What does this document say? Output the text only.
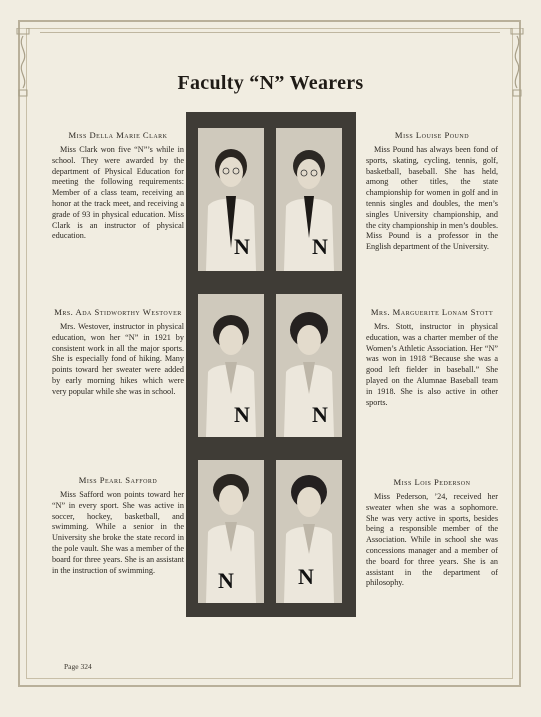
Faculty “N” Wearers
Miss Della Marie Clark

Miss Clark won five “N”’s while in school. They were awarded by the department of Physical Education for meeting the following requirements: Member of a class team, receiving an honor at the track meet, and receiving a grade of 93 in physical education. Miss Clark is an instructor of physical education.

Mrs. Ada Stidworthy Westover

Mrs. Westover, instructor in physical education, won her “N” in 1921 by consistent work in all the major sports. She is especially fond of hiking. Many points toward her sweater were added by early morning hikes which were very popular while she was in school.

Miss Pearl Safford

Miss Safford won points toward her “N” in every sport. She was active in soccer, hockey, basketball, and swimming. While a senior in the University she broke the state record in the pole vault. She was a member of the board for three years. She is an assistant in the instruction of swimming.

Miss Louise Pound

Miss Pound has always been fond of sports, skating, cycling, tennis, golf, basketball, baseball. She has held, among other titles, the state championship for women in golf and in tennis singles and doubles, the men’s singles University championship, and the city championship in men’s doubles. Miss Pound is a professor in the English department of the University.

Mrs. Marguerite Lonam Stott

Mrs. Stott, instructor in physical education, was a charter member of the Women’s Athletic Association. Her “N” was won in 1918 “Because she was a good left fielder in baseball.” She played on the Alumnae Baseball team in 1918. She is also active in other sports.

Miss Lois Pederson

Miss Pederson, ’24, received her sweater when she was a sophomore. She was very active in sports, besides being a responsible member of the Association. While in school she was concessions manager and a member of the board for three years. She is an assistant in the department of philosophy.

N	N
N	N
N	N
Page 324
